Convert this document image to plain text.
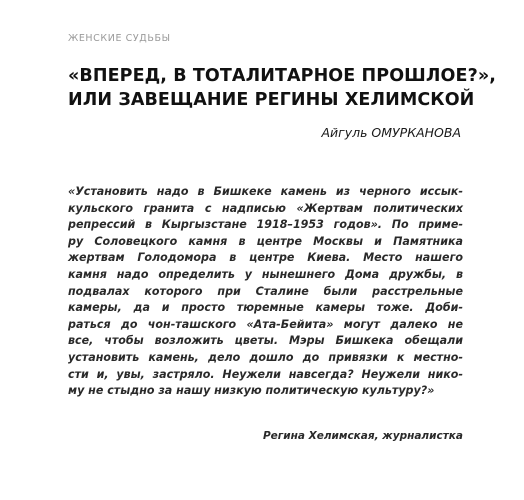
ЖЕНСКИЕ СУДЬБЫ
«ВПЕРЕД, В ТОТАЛИТАРНОЕ ПРОШЛОЕ?»,
ИЛИ ЗАВЕЩАНИЕ РЕГИНЫ ХЕЛИМСКОЙ
Айгуль ОМУРКАНОВА
«Установить надо в Бишкеке камень из черного иссык-
кульского гранита с надписью «Жертвам политических
репрессий в Кыргызстане 1918–1953 годов». По приме-
ру Соловецкого камня в центре Москвы и Памятника
жертвам Голодомора в центре Киева. Место нашего
камня надо определить у нынешнего Дома дружбы, в
подвалах которого при Сталине были расстрельные
камеры, да и просто тюремные камеры тоже. Доби-
раться до чон-ташского «Ата-Бейита» могут далеко не
все, чтобы возложить цветы. Мэры Бишкека обещали
установить камень, дело дошло до привязки к местно-
сти и, увы, застряло. Неужели навсегда? Неужели нико-
му не стыдно за нашу низкую политическую культуру?»
Регина Хелимская, журналистка
